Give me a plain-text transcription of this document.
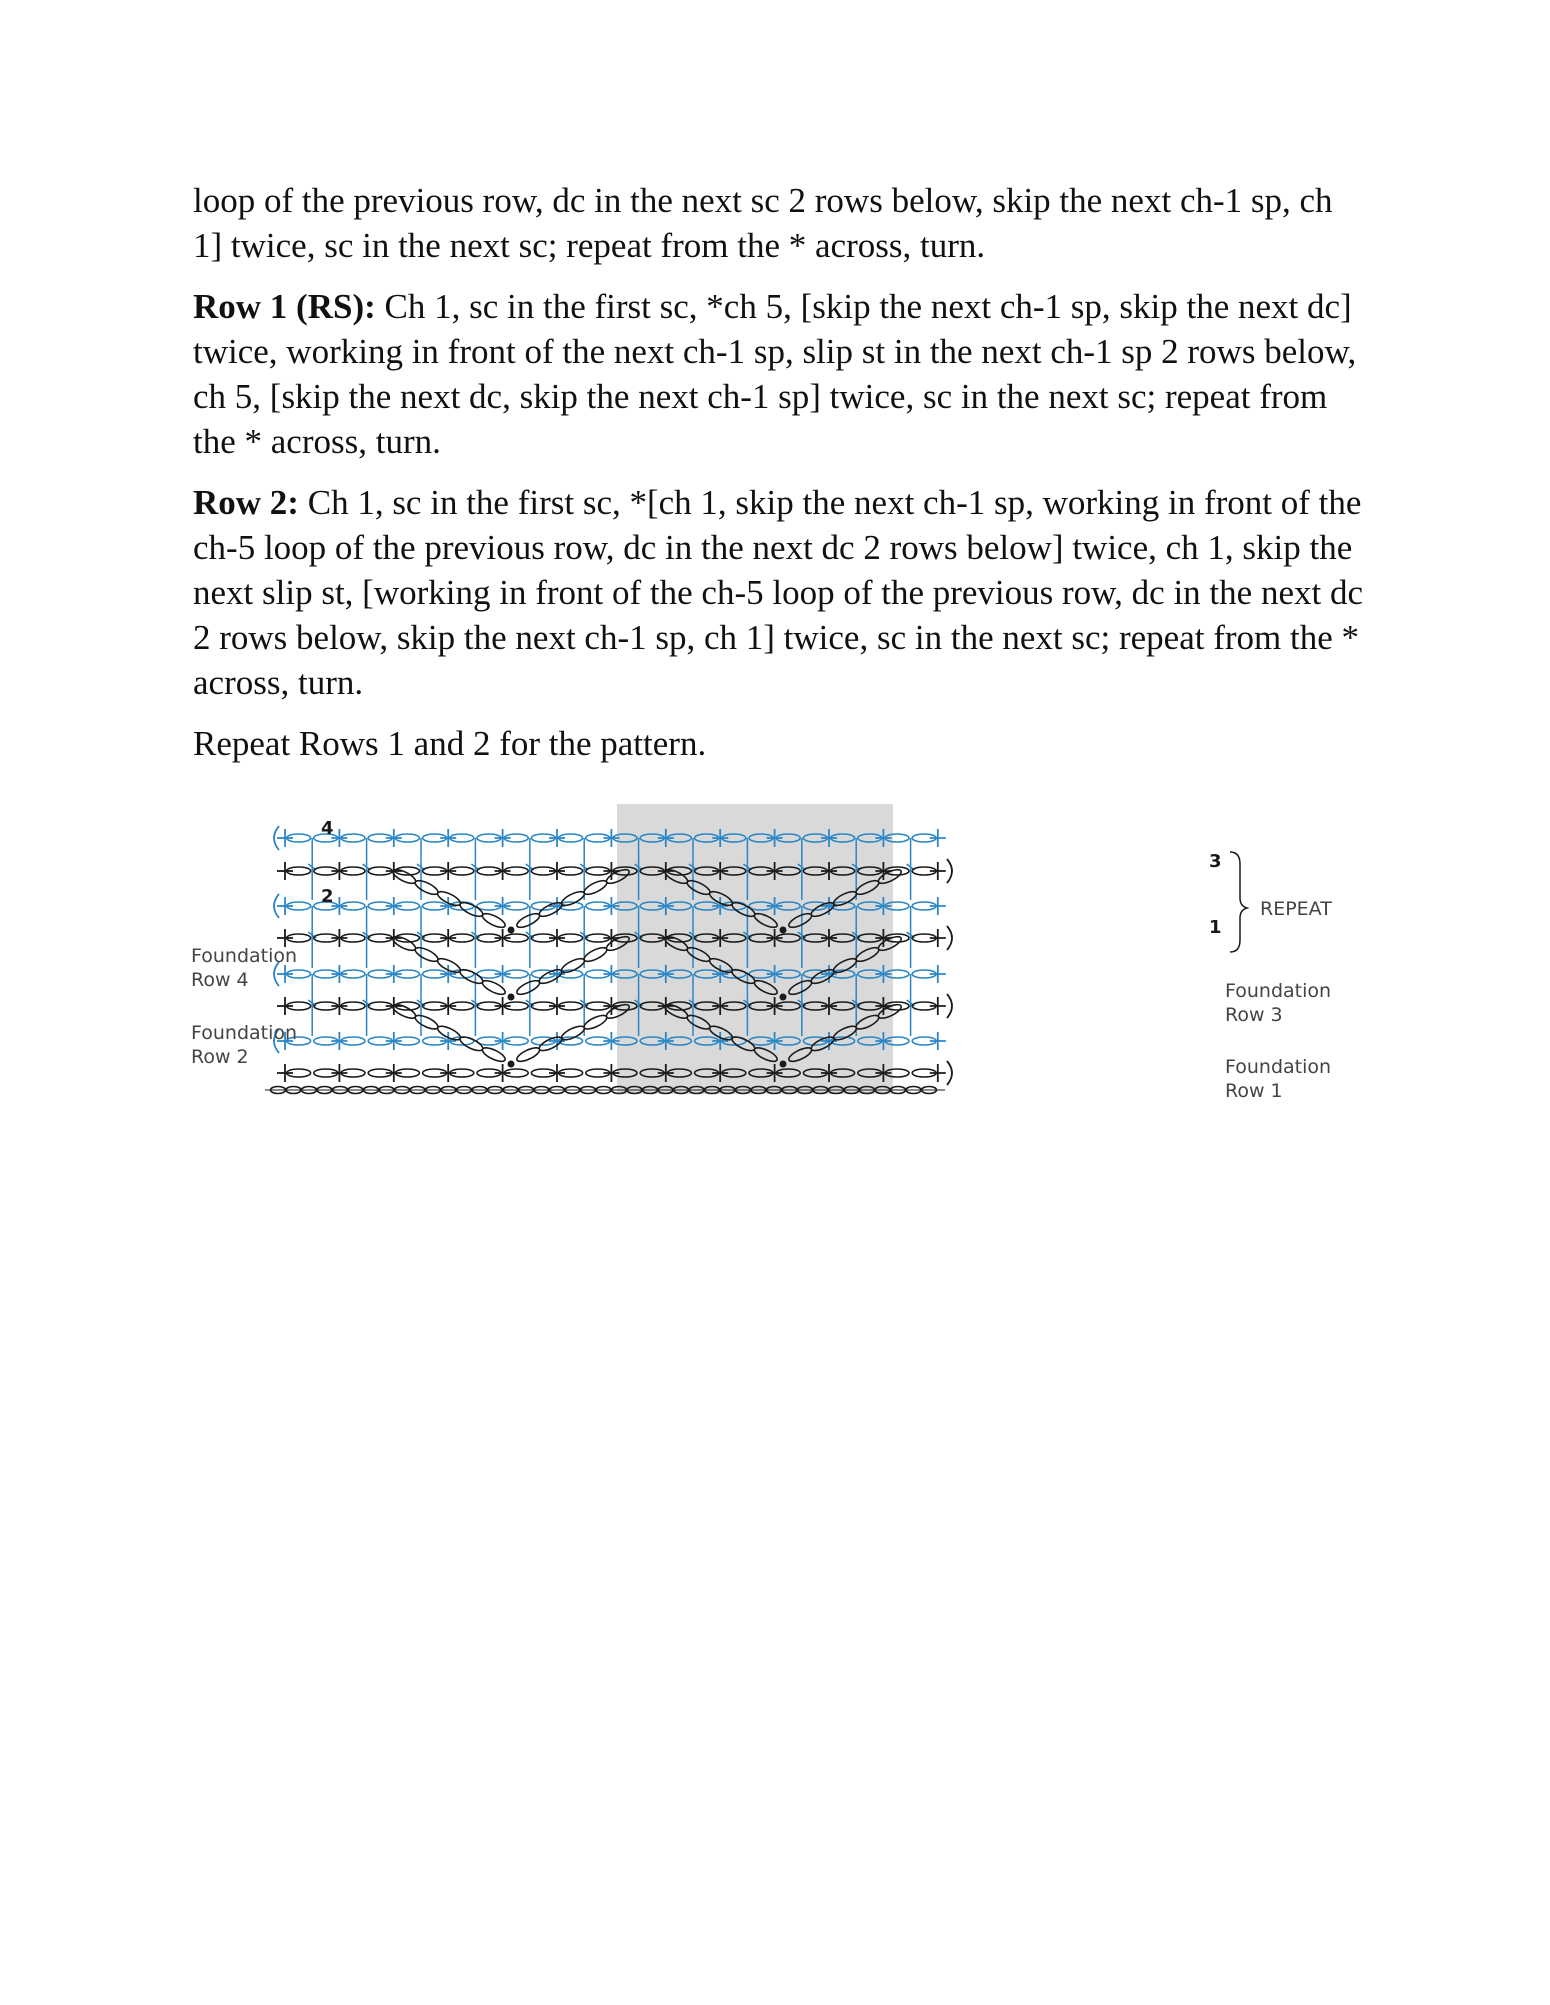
loop of the previous row, dc in the next sc 2 rows below, skip the next ch-1 sp, ch 1] twice, sc in the next sc; repeat from the * across, turn.

Row 1 (RS): Ch 1, sc in the first sc, *ch 5, [skip the next ch-1 sp, skip the next dc] twice, working in front of the next ch-1 sp, slip st in the next ch-1 sp 2 rows below, ch 5, [skip the next dc, skip the next ch-1 sp] twice, sc in the next sc; repeat from the * across, turn.

Row 2: Ch 1, sc in the first sc, *[ch 1, skip the next ch-1 sp, working in front of the ch-5 loop of the previous row, dc in the next dc 2 rows below] twice, ch 1, skip the next slip st, [working in front of the ch-5 loop of the previous row, dc in the next dc 2 rows below, skip the next ch-1 sp, ch 1] twice, sc in the next sc; repeat from the * across, turn.

Repeat Rows 1 and 2 for the pattern.

4
2
3
1
REPEAT
Foundation
Row 4
Foundation
Row 2
Foundation
Row 3
Foundation
Row 1
